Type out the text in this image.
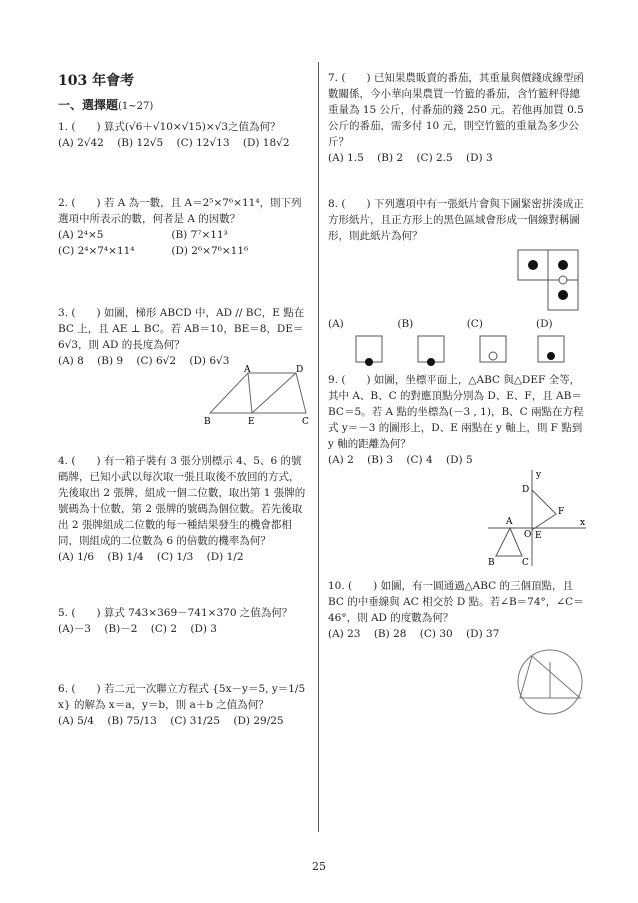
103 年會考
一、選擇題(1~27)

1. (　　) 算式(√6＋√10×√15)×√3之值為何？

(A) 2√42 (B) 12√5 (C) 12√13 (D) 18√2

2. (　　) 若 A 為一數，且 A＝2⁵×7⁶×11⁴，則下列選項中所表示的數，何者是 A 的因數？

(A) 2⁴×5	(B) 7⁷×11³
(C) 2⁴×7⁴×11⁴	(D) 2⁶×7⁶×11⁶

3. (　　) 如圖，梯形 ABCD 中，AD // BC，E 點在 BC 上，且 AE ⊥ BC。若 AB＝10，BE＝8，DE＝6√3，則 AD 的長度為何？

(A) 8 (B) 9 (C) 6√2 (D) 6√3
A	D
B	E	C

4. (　　) 有一箱子裝有 3 張分別標示 4、5、6 的號碼牌，已知小武以每次取一張且取後不放回的方式，先後取出 2 張牌，組成一個二位數，取出第 1 張牌的號碼為十位數，第 2 張牌的號碼為個位數。若先後取出 2 張牌組成二位數的每一種結果發生的機會都相同，則組成的二位數為 6 的倍數的機率為何？

(A) 1/6 (B) 1/4 (C) 1/3 (D) 1/2

5. (　　) 算式 743×369－741×370 之值為何？

(A)－3 (B)－2 (C) 2 (D) 3

6. (　　) 若二元一次聯立方程式 {5x－y＝5, y＝1/5 x} 的解為 x＝a，y＝b，則 a＋b 之值為何？

(A) 5/4 (B) 75/13 (C) 31/25 (D) 29/25

7. (　　) 已知果農販賣的番茄，其重量與價錢成線型函數關係，今小華向果農買一竹籃的番茄，含竹籃秤得總重量為 15 公斤，付番茄的錢 250 元。若他再加買 0.5 公斤的番茄，需多付 10 元，則空竹籃的重量為多少公斤？

(A) 1.5 (B) 2 (C) 2.5 (D) 3

8. (　　) 下列選項中有一張紙片會與下圖緊密拼湊成正方形紙片，且正方形上的黑色區域會形成一個線對稱圖形，則此紙片為何？

(A)	(B)	(C)	(D)

9. (　　) 如圖，坐標平面上，△ABC 與△DEF 全等，其中 A、B、C 的對應頂點分別為 D、E、F，且 AB＝BC＝5。若 A 點的坐標為(－3 , 1)，B、C 兩點在方程式 y＝－3 的圖形上，D、E 兩點在 y 軸上，則 F 點到 y 軸的距離為何？

(A) 2 (B) 3 (C) 4 (D) 5
y
x
D
F
A
O E
B	C

10. (　　) 如圖，有一圓通過△ABC 的三個頂點，且 BC 的中垂線與 AC 相交於 D 點。若∠B＝74°，∠C＝46°，則 AD 的度數為何？

(A) 23 (B) 28 (C) 30 (D) 37
25
